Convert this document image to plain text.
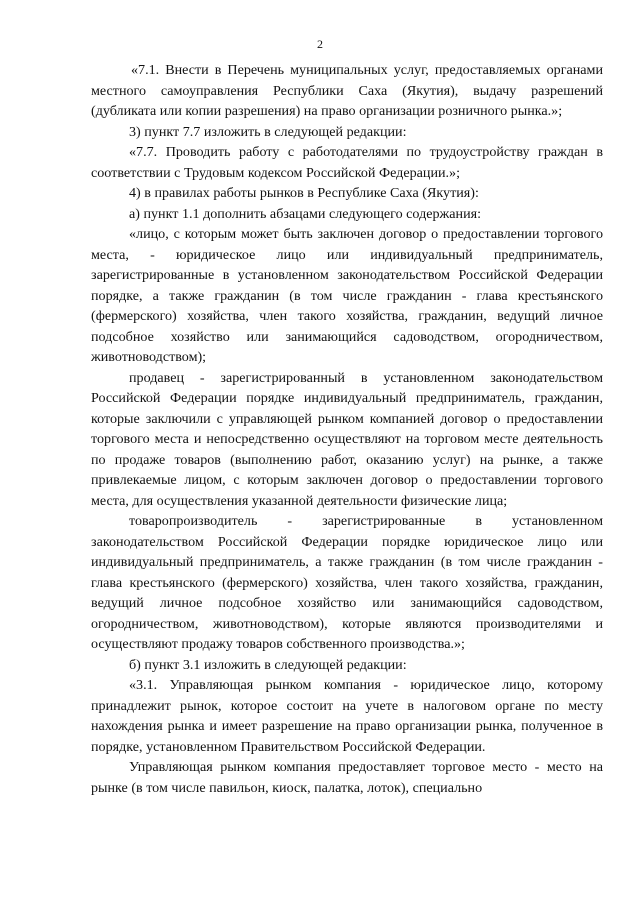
2

«7.1. Внести в Перечень муниципальных услуг, предоставляемых органами местного самоуправления Республики Саха (Якутия), выдачу разрешений (дубликата или копии разрешения) на право организации розничного рынка.»;

3) пункт 7.7 изложить в следующей редакции:

«7.7. Проводить работу с работодателями по трудоустройству граждан в соответствии с Трудовым кодексом Российской Федерации.»;

4) в правилах работы рынков в Республике Саха (Якутия):

а) пункт 1.1 дополнить абзацами следующего содержания:

«лицо, с которым может быть заключен договор о предоставлении торгового места, - юридическое лицо или индивидуальный предприниматель, зарегистрированные в установленном законодательством Российской Федерации порядке, а также гражданин (в том числе гражданин - глава крестьянского (фермерского) хозяйства, член такого хозяйства, гражданин, ведущий личное подсобное хозяйство или занимающийся садоводством, огородничеством, животноводством);

продавец - зарегистрированный в установленном законодательством Российской Федерации порядке индивидуальный предприниматель, гражданин, которые заключили с управляющей рынком компанией договор о предоставлении торгового места и непосредственно осуществляют на торговом месте деятельность по продаже товаров (выполнению работ, оказанию услуг) на рынке, а также привлекаемые лицом, с которым заключен договор о предоставлении торгового места, для осуществления указанной деятельности физические лица;

товаропроизводитель - зарегистрированные в установленном законодательством Российской Федерации порядке юридическое лицо или индивидуальный предприниматель, а также гражданин (в том числе гражданин - глава крестьянского (фермерского) хозяйства, член такого хозяйства, гражданин, ведущий личное подсобное хозяйство или занимающийся садоводством, огородничеством, животноводством), которые являются производителями и осуществляют продажу товаров собственного производства.»;

б) пункт 3.1 изложить в следующей редакции:

«3.1. Управляющая рынком компания - юридическое лицо, которому принадлежит рынок, которое состоит на учете в налоговом органе по месту нахождения рынка и имеет разрешение на право организации рынка, полученное в порядке, установленном Правительством Российской Федерации.

Управляющая рынком компания предоставляет торговое место - место на рынке (в том числе павильон, киоск, палатка, лоток), специально
